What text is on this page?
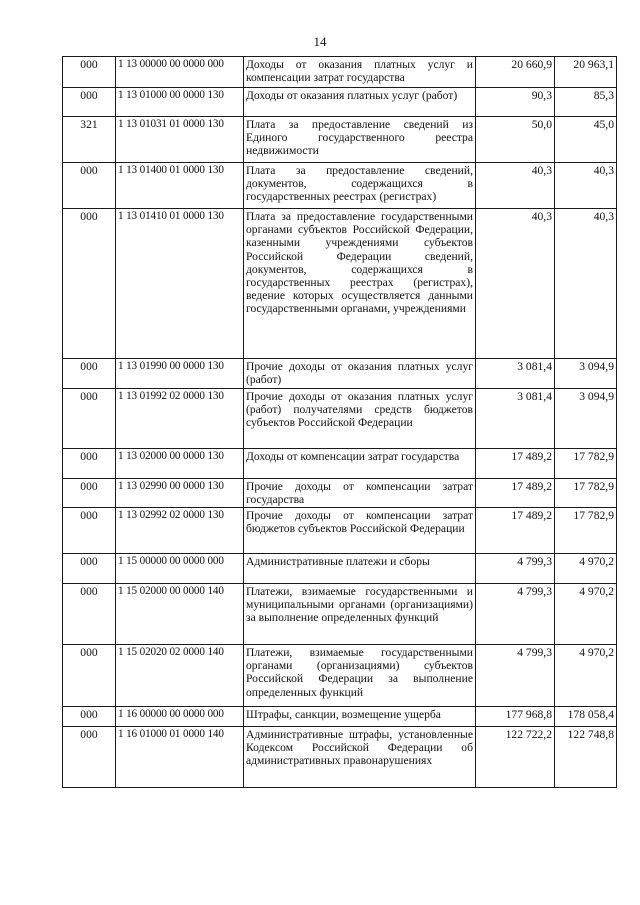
14
000	1 13 00000 00 0000 000	Доходы от оказания платных услуг и компенсации затрат государства	20 660,9	20 963,1
000	1 13 01000 00 0000 130	Доходы от оказания платных услуг (работ)	90,3	85,3
321	1 13 01031 01 0000 130	Плата за предоставление сведений из Единого государственного реестра недвижимости	50,0	45,0
000	1 13 01400 01 0000 130	Плата за предоставление сведений, документов, содержащихся в государственных реестрах (регистрах)	40,3	40,3
000	1 13 01410 01 0000 130	Плата за предоставление государственными органами субъектов Российской Федерации, казенными учреждениями субъектов Российской Федерации сведений, документов, содержащихся в государственных реестрах (регистрах), ведение которых осуществляется данными государственными органами, учреждениями	40,3	40,3
000	1 13 01990 00 0000 130	Прочие доходы от оказания платных услуг (работ)	3 081,4	3 094,9
000	1 13 01992 02 0000 130	Прочие доходы от оказания платных услуг (работ) получателями средств бюджетов субъектов Российской Федерации	3 081,4	3 094,9
000	1 13 02000 00 0000 130	Доходы от компенсации затрат государства	17 489,2	17 782,9
000	1 13 02990 00 0000 130	Прочие доходы от компенсации затрат государства	17 489,2	17 782,9
000	1 13 02992 02 0000 130	Прочие доходы от компенсации затрат бюджетов субъектов Российской Федерации	17 489,2	17 782,9
000	1 15 00000 00 0000 000	Административные платежи и сборы	4 799,3	4 970,2
000	1 15 02000 00 0000 140	Платежи, взимаемые государственными и муниципальными органами (организациями) за выполнение определенных функций	4 799,3	4 970,2
000	1 15 02020 02 0000 140	Платежи, взимаемые государственными органами (организациями) субъектов Российской Федерации за выполнение определенных функций	4 799,3	4 970,2
000	1 16 00000 00 0000 000	Штрафы, санкции, возмещение ущерба	177 968,8	178 058,4
000	1 16 01000 01 0000 140	Административные штрафы, установленные Кодексом Российской Федерации об административных правонарушениях	122 722,2	122 748,8
